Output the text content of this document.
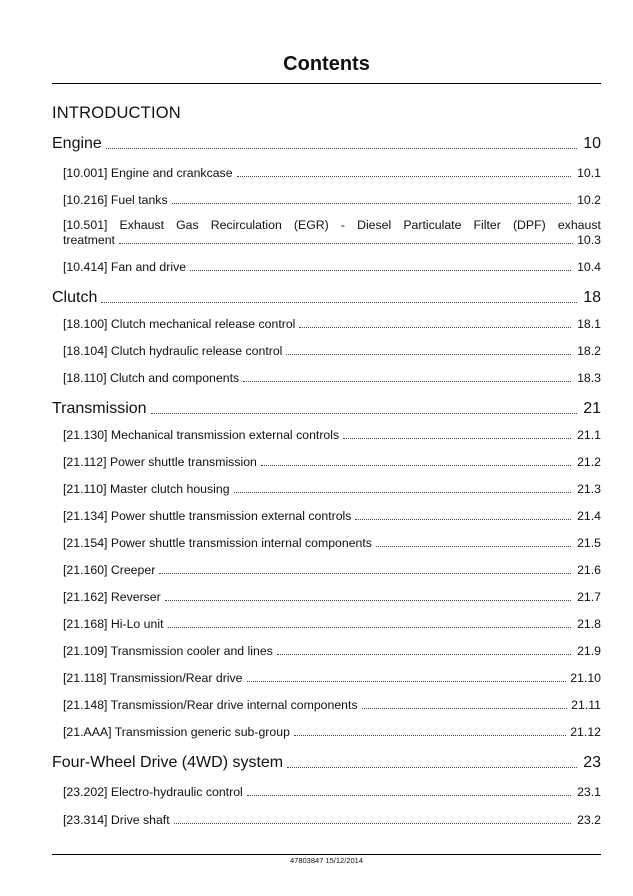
Contents
INTRODUCTION
Engine	10
[10.001] Engine and crankcase	10.1
[10.216] Fuel tanks	10.2
[10.501] Exhaust Gas Recirculation (EGR) - Diesel Particulate Filter (DPF) exhaust
treatment	10.3
[10.414] Fan and drive	10.4
Clutch	18
[18.100] Clutch mechanical release control	18.1
[18.104] Clutch hydraulic release control	18.2
[18.110] Clutch and components	18.3
Transmission	21
[21.130] Mechanical transmission external controls	21.1
[21.112] Power shuttle transmission	21.2
[21.110] Master clutch housing	21.3
[21.134] Power shuttle transmission external controls	21.4
[21.154] Power shuttle transmission internal components	21.5
[21.160] Creeper	21.6
[21.162] Reverser	21.7
[21.168] Hi-Lo unit	21.8
[21.109] Transmission cooler and lines	21.9
[21.118] Transmission/Rear drive	21.10
[21.148] Transmission/Rear drive internal components	21.11
[21.AAA] Transmission generic sub-group	21.12
Four-Wheel Drive (4WD) system	23
[23.202] Electro-hydraulic control	23.1
[23.314] Drive shaft	23.2
47803847 15/12/2014
